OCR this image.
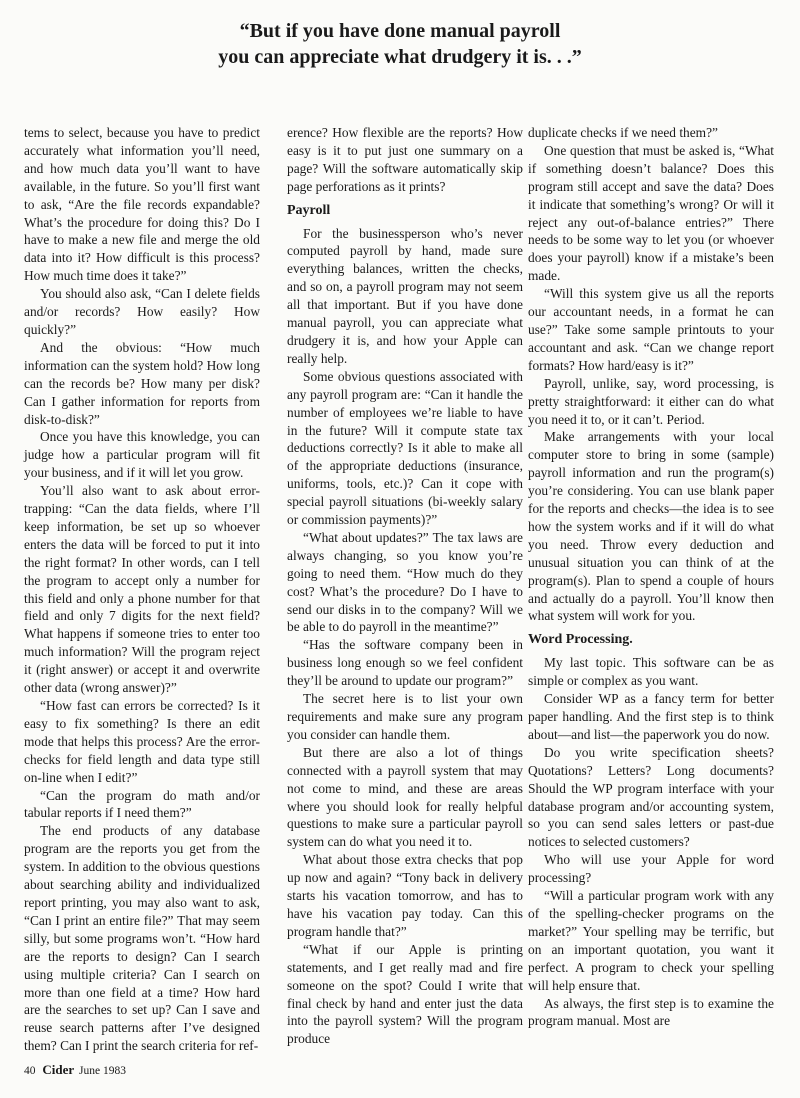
“But if you have done manual payroll
you can appreciate what drudgery it is. . .”

tems to select, because you have to predict accurately what information you’ll need, and how much data you’ll want to have available, in the future. So you’ll first want to ask, “Are the file records expandable? What’s the procedure for doing this? Do I have to make a new file and merge the old data into it? How difficult is this process? How much time does it take?”

You should also ask, “Can I delete fields and/or records? How easily? How quickly?”

And the obvious: “How much information can the system hold? How long can the records be? How many per disk? Can I gather information for reports from disk-to-disk?”

Once you have this knowledge, you can judge how a particular program will fit your business, and if it will let you grow.

You’ll also want to ask about error-trapping: “Can the data fields, where I’ll keep information, be set up so whoever enters the data will be forced to put it into the right format? In other words, can I tell the program to accept only a number for this field and only a phone number for that field and only 7 digits for the next field? What happens if someone tries to enter too much information? Will the program reject it (right answer) or accept it and overwrite other data (wrong answer)?”

“How fast can errors be corrected? Is it easy to fix something? Is there an edit mode that helps this process? Are the error-checks for field length and data type still on-line when I edit?”

“Can the program do math and/or tabular reports if I need them?”

The end products of any database program are the reports you get from the system. In addition to the obvious questions about searching ability and individualized report printing, you may also want to ask, “Can I print an entire file?” That may seem silly, but some programs won’t. “How hard are the reports to design? Can I search using multiple criteria? Can I search on more than one field at a time? How hard are the searches to set up? Can I save and reuse search patterns after I’ve designed them? Can I print the search criteria for ref-

erence? How flexible are the reports? How easy is it to put just one summary on a page? Will the software automatically skip page perforations as it prints?

Payroll

For the businessperson who’s never computed payroll by hand, made sure everything balances, written the checks, and so on, a payroll program may not seem all that important. But if you have done manual payroll, you can appreciate what drudgery it is, and how your Apple can really help.

Some obvious questions associated with any payroll program are: “Can it handle the number of employees we’re liable to have in the future? Will it compute state tax deductions correctly? Is it able to make all of the appropriate deductions (insurance, uniforms, tools, etc.)? Can it cope with special payroll situations (bi-weekly salary or commission payments)?”

“What about updates?” The tax laws are always changing, so you know you’re going to need them. “How much do they cost? What’s the procedure? Do I have to send our disks in to the company? Will we be able to do payroll in the meantime?”

“Has the software company been in business long enough so we feel confident they’ll be around to update our program?”

The secret here is to list your own requirements and make sure any program you consider can handle them.

But there are also a lot of things connected with a payroll system that may not come to mind, and these are areas where you should look for really helpful questions to make sure a particular payroll system can do what you need it to.

What about those extra checks that pop up now and again? “Tony back in delivery starts his vacation tomorrow, and has to have his vacation pay today. Can this program handle that?”

“What if our Apple is printing statements, and I get really mad and fire someone on the spot? Could I write that final check by hand and enter just the data into the payroll system? Will the program produce

duplicate checks if we need them?”

One question that must be asked is, “What if something doesn’t balance? Does this program still accept and save the data? Does it indicate that something’s wrong? Or will it reject any out-of-balance entries?” There needs to be some way to let you (or whoever does your payroll) know if a mistake’s been made.

“Will this system give us all the reports our accountant needs, in a format he can use?” Take some sample printouts to your accountant and ask. “Can we change report formats? How hard/easy is it?”

Payroll, unlike, say, word processing, is pretty straightforward: it either can do what you need it to, or it can’t. Period.

Make arrangements with your local computer store to bring in some (sample) payroll information and run the program(s) you’re considering. You can use blank paper for the reports and checks—the idea is to see how the system works and if it will do what you need. Throw every deduction and unusual situation you can think of at the program(s). Plan to spend a couple of hours and actually do a payroll. You’ll know then what system will work for you.

Word Processing.

My last topic. This software can be as simple or complex as you want.

Consider WP as a fancy term for better paper handling. And the first step is to think about—and list—the paperwork you do now.

Do you write specification sheets? Quotations? Letters? Long documents? Should the WP program interface with your database program and/or accounting system, so you can send sales letters or past-due notices to selected customers?

Who will use your Apple for word processing?

“Will a particular program work with any of the spelling-checker programs on the market?” Your spelling may be terrific, but on an important quotation, you want it perfect. A program to check your spelling will help ensure that.

As always, the first step is to examine the program manual. Most are

40 Cider June 1983
